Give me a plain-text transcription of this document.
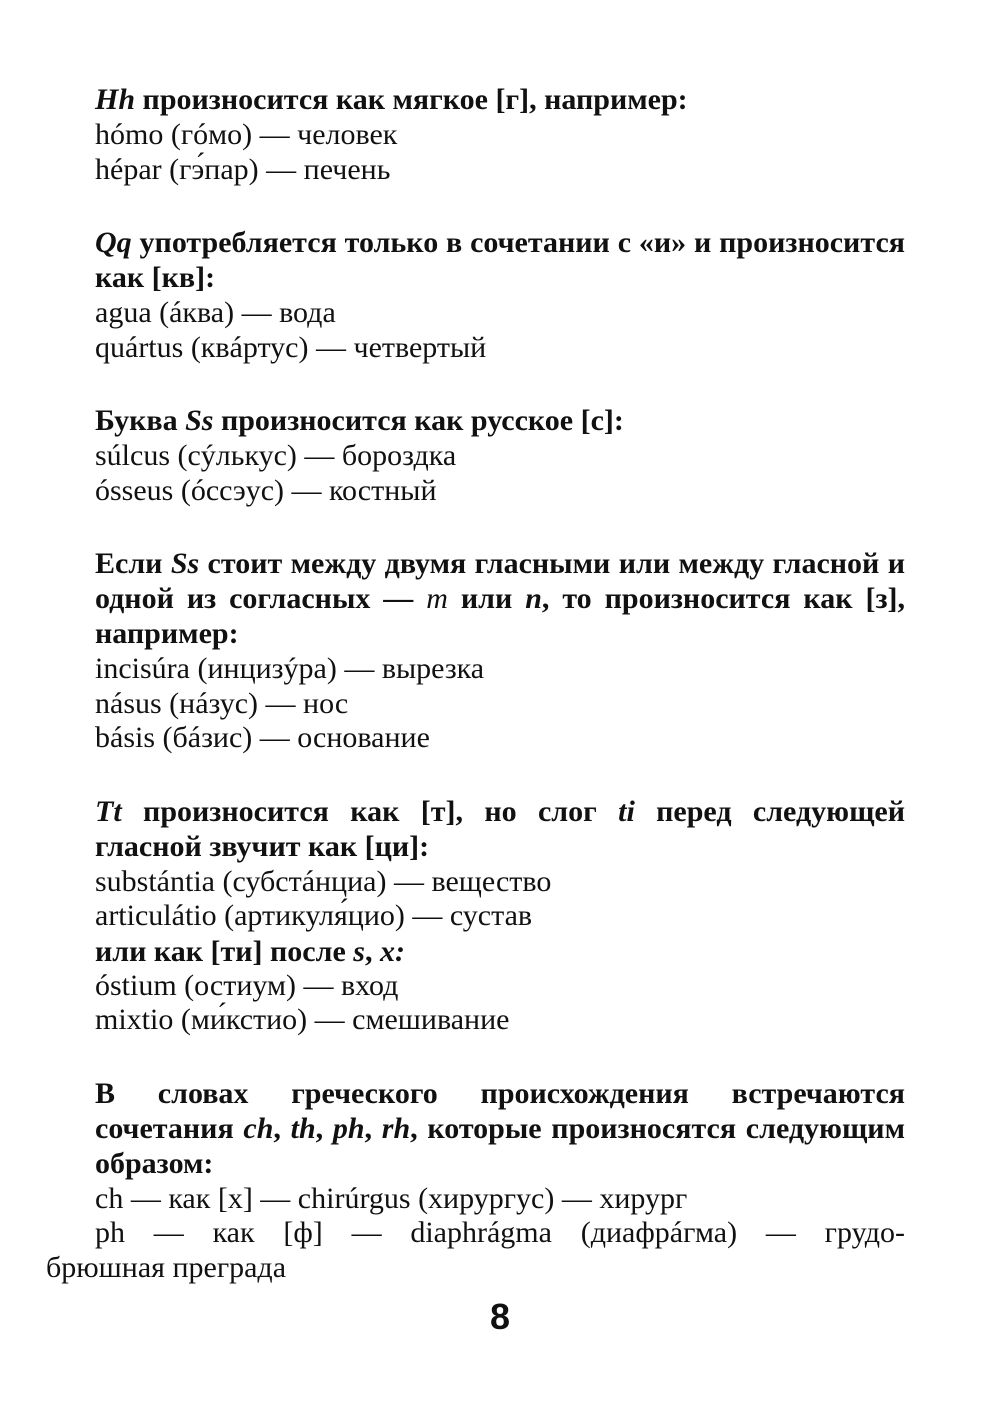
Hh произносится как мягкое [г], например:

hómo (гóмо) — человек

hépar (гэ́пар) — печень

Qq употребляется только в сочетании с «и» и произносится как [кв]:

agua (áква) — вода

quártus (квáртус) — четвертый

Буква Ss произносится как русское [с]:

súlcus (сýлькус) — бороздка

ósseus (óссэус) — костный

Если Ss стоит между двумя гласными или между гласной и одной из согласных — m или n, то произносится как [з], например:

incisúra (инцизýра) — вырезка

násus (нáзус) — нос

básis (бáзис) — основание

Tt произносится как [т], но слог ti перед следующей гласной звучит как [ци]:

substántia (субстáнциа) — вещество

articulátio (артикуля́цио) — сустав

или как [ти] после s, x:

óstium (остиум) — вход

mixtio (ми́кстио) — смешивание

В словах греческого происхождения встречаются сочетания ch, th, ph, rh, которые произносятся следующим образом:

ch — как [х] — chirúrgus (хирургус) — хирург

ph — как [ф] — diaphrágma (диафрáгма) — грудо-

брюшная преграда

8
